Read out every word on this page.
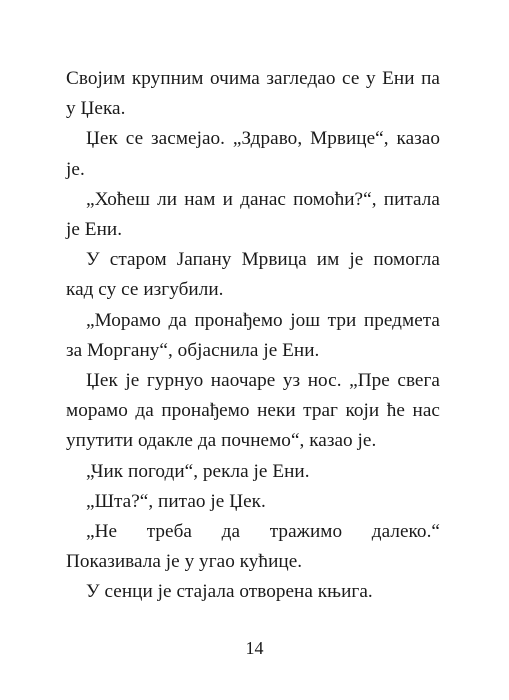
Својим крупним очима загледао се у Ени па у Џека.

Џек се засмејао. „Здраво, Мрвице“, казао је.

„Хоћеш ли нам и данас помоћи?“, питала је Ени.

У старом Јапану Мрвица им је помогла кад су се изгубили.

„Морамо да пронађемо још три предмета за Моргану“, објаснила је Ени.

Џек је гурнуо наочаре уз нос. „Пре свега морамо да пронађемо неки траг који ће нас упутити одакле да почнемо“, казао је.

„Чик погоди“, рекла је Ени.

„Шта?“, питао је Џек.

„Не треба да тражимо далеко.“ Показивала је у угао кућице.

У сенци је стајала отворена књига.

14
